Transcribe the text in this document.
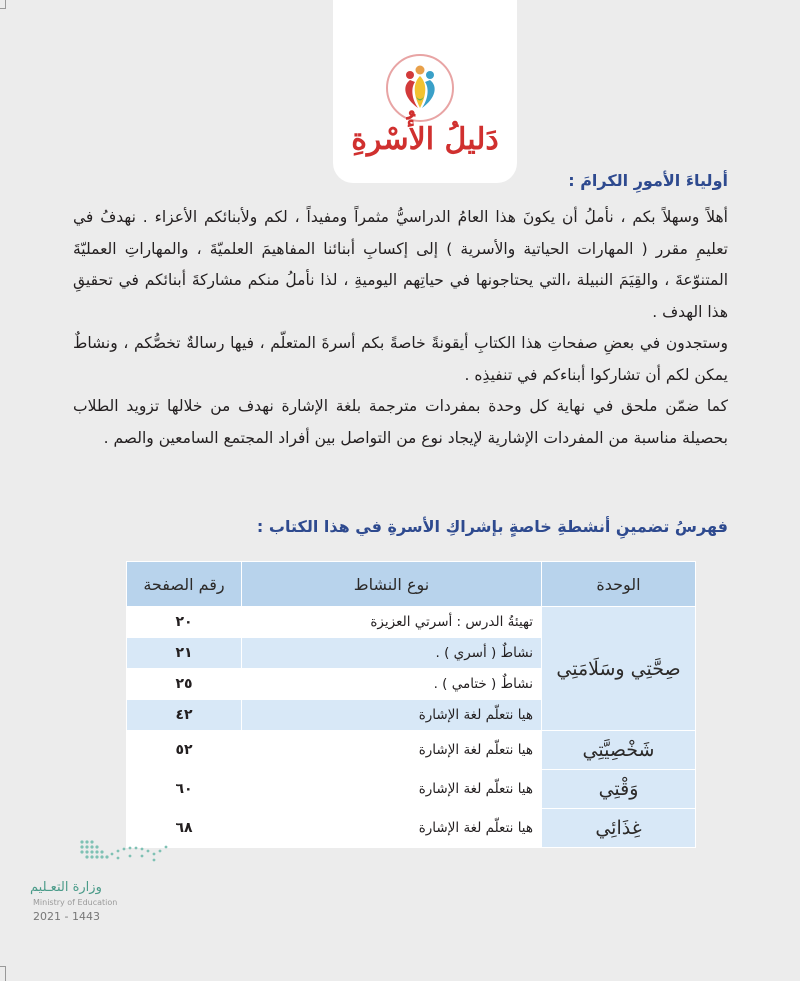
دَليلُ الأُسْرةِ
أولياءَ الأمورِ الكرامَ :

أهلاً وسهلاً بكم ، نأملُ أن يكونَ هذا العامُ الدراسيُّ مثمراً ومفيداً ، لكم ولأبنائكم الأعزاء . نهدفُ في تعليمِ مقرر ( المهارات الحياتية والأسرية ) إلى إكسابِ أبنائنا المفاهيمَ العلميّةَ ، والمهاراتِ العمليّةَ المتنوّعةَ ، والقِيَمَ النبيلة ،التي يحتاجونها في حياتِهم اليوميةِ ، لذا نأملُ منكم مشاركةَ أبنائكم في تحقيقِ هذا الهدف .

وستجدون في بعضِ صفحاتِ هذا الكتابِ أيقونةً خاصةً بكم أسرةَ المتعلّم ، فيها رسالةٌ تخصُّكم ، ونشاطٌ يمكن لكم أن تشاركوا أبناءكم في تنفيذِه .

كما ضمّن ملحق في نهاية كل وحدة بمفردات مترجمة بلغة الإشارة نهدف من خلالها تزويد الطلاب بحصيلة مناسبة من المفردات الإشارية لإيجاد نوع من التواصل بين أفراد المجتمع السامعين والصم .

فهرسُ تضمينِ أنشطةِ خاصةٍ بإشراكِ الأسرةِ في هذا الكتاب :
الوحدة	نوع النشاط	رقم الصفحة
صِحَّتِي وسَلَامَتِي	تهيئةُ الدرس : أسرتي العزيزة	٢٠
	نشاطٌ ( أسري ) .	٢١
	نشاطٌ ( ختامي ) .	٢٥
	هيا نتعلّم لغة الإشارة	٤٢
شَخْصِيَّتِي	هيا نتعلّم لغة الإشارة	٥٢
وَقْتِي	هيا نتعلّم لغة الإشارة	٦٠
غِذَائِي	هيا نتعلّم لغة الإشارة	٦٨
وزارة التعـليم
Ministry of Education
2021 - 1443
